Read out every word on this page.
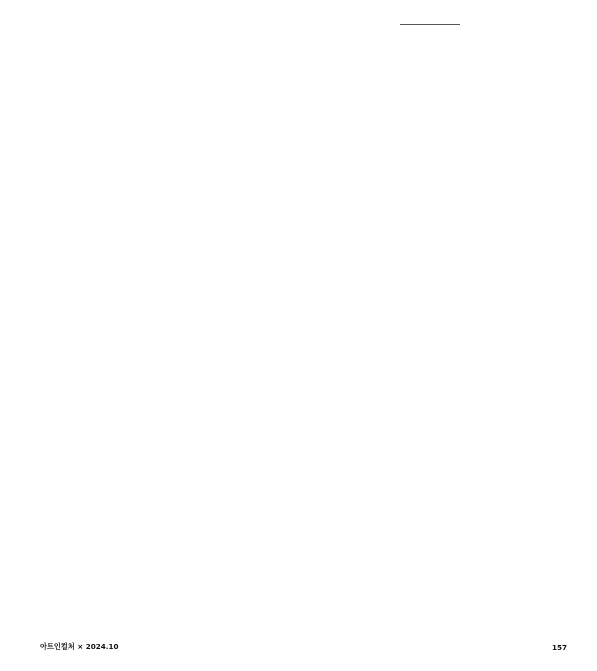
아트인컬처 × 2024.10	157
